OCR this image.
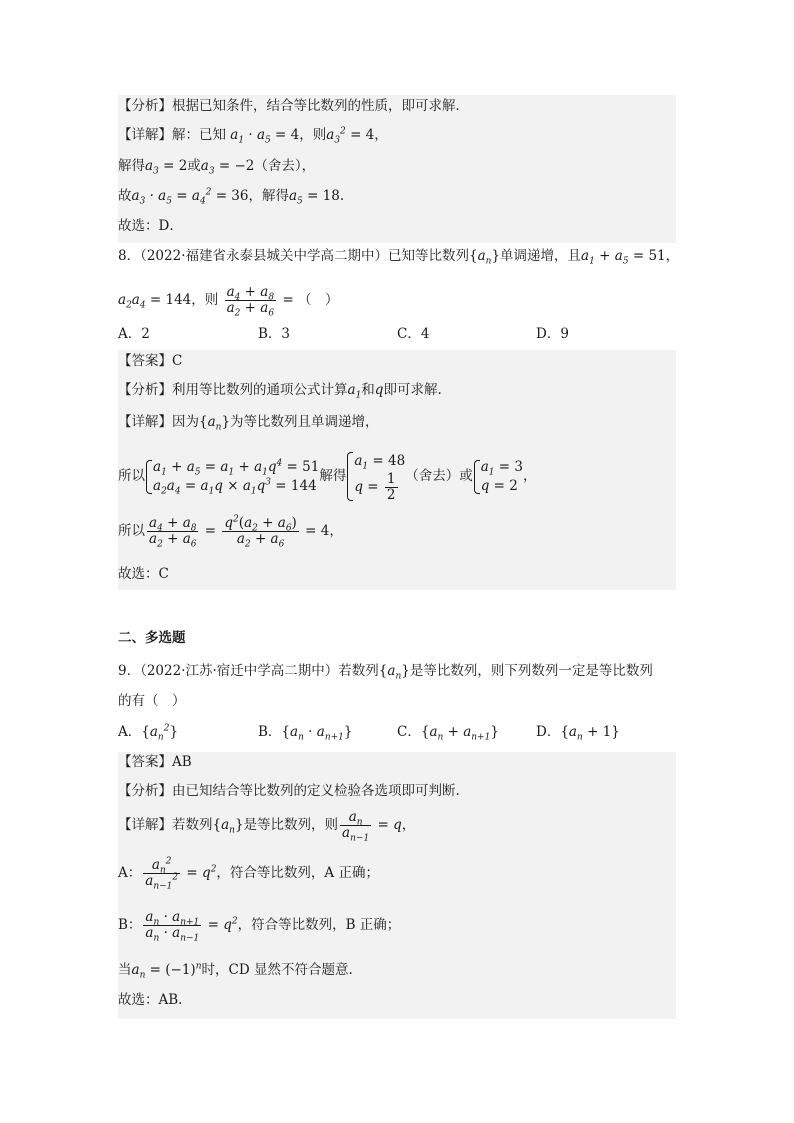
【分析】根据已知条件，结合等比数列的性质，即可求解．
【详解】解：已知 $a_1 \cdot a_5 = 4$，则$a_3^2 = 4$，
解得$a_3 = 2$或$a_3 = -2$（舍去），
故$a_3 \cdot a_5 = a_4^2 = 36$，解得$a_5 = 18$.
故选：D．
8．（2022·福建省永泰县城关中学高二期中）已知等比数列$\{a_n\}$单调递增，且$a_1 + a_5 = 51$，
$a_2a_4 = 144$，则 $\frac{a_4 + a_8}{a_2 + a_6}$ = （　）
A．2	B．3	C．4	D．9
【答案】C
【分析】利用等比数列的通项公式计算$a_1$和q即可求解.
【详解】因为$\{a_n\}$为等比数列且单调递增，
所以
$a_1 + a_5 = a_1 + a_1q^4 = 51$
$a_2a_4 = a_1q \times a_1q^3 = 144$
解得
$a_1 = 48$
$q = \frac{1}{2}$ （舍去）或
$a_1 = 3$
q = 2
，
所以 $\frac{a_4 + a_8}{a_2 + a_6} = \frac{q^2(a_2 + a_6)}{a_2 + a_6} = 4$，
故选：C
二、多选题
9．（2022·江苏·宿迁中学高二期中）若数列$\{a_n\}$是等比数列，则下列数列一定是等比数列
的有（　）
A．$\{a_n^2\}$	B．$\{a_n \cdot a_{n+1}\}$	C．$\{a_n + a_{n+1}\}$	D．$\{a_n + 1\}$
【答案】AB
【分析】由已知结合等比数列的定义检验各选项即可判断.
【详解】若数列$\{a_n\}$是等比数列，则 $\frac{a_n}{a_{n-1}} = q$，
A： $\frac{a_n^2}{a_{n-1}^2} = q^2$，符合等比数列，A 正确；
B： $\frac{a_n \cdot a_{n+1}}{a_n \cdot a_{n-1}} = q^2$，符合等比数列，B 正确；
当$a_n = (-1)^n$时，CD 显然不符合题意.
故选：AB.
